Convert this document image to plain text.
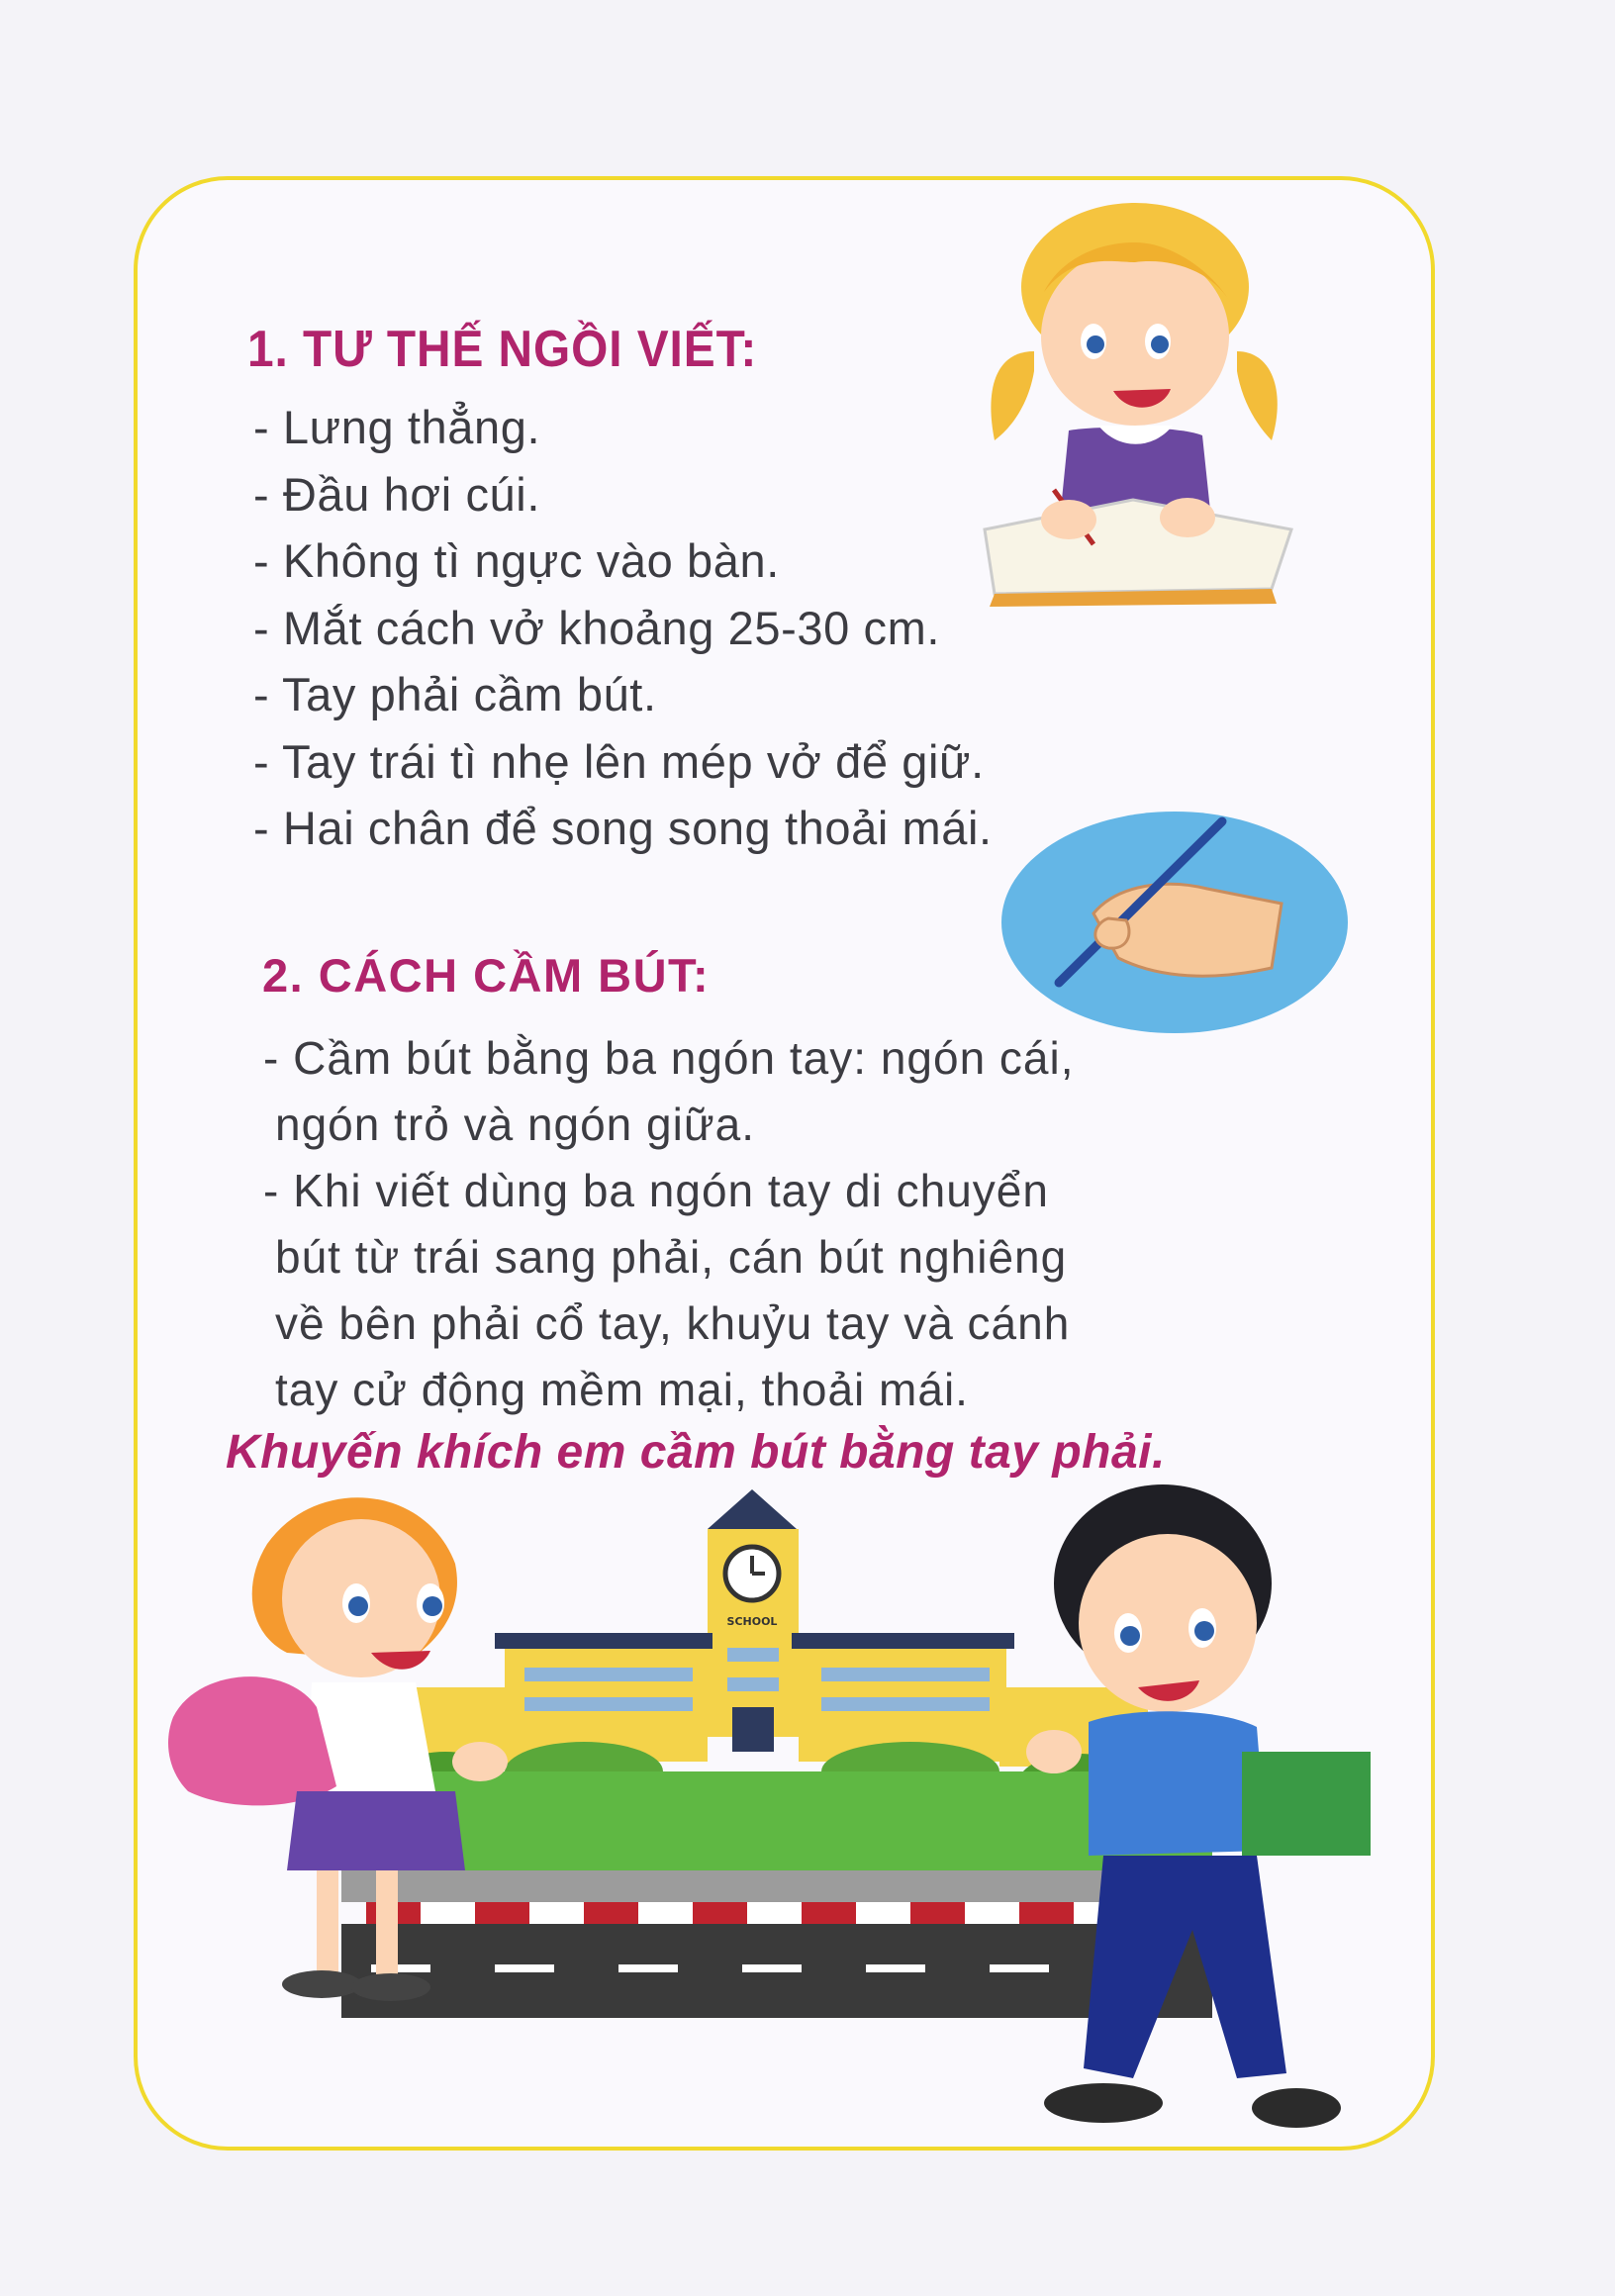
1. TƯ THẾ NGỒI VIẾT:
- Lưng thẳng.
- Đầu hơi cúi.
- Không tì ngực vào bàn.
- Mắt cách vở khoảng 25-30 cm.
- Tay phải cầm bút.
- Tay trái tì nhẹ lên mép vở để giữ.
- Hai chân để song song thoải mái.
2. CÁCH CẦM BÚT:
- Cầm bút bằng ba ngón tay: ngón cái,
ngón trỏ và ngón giữa.
- Khi viết dùng ba ngón tay di chuyển
bút từ trái sang phải, cán bút nghiêng
về bên phải cổ tay, khuỷu tay và cánh
tay cử động mềm mại, thoải mái.
Khuyến khích em cầm bút bằng tay phải.
SCHOOL
